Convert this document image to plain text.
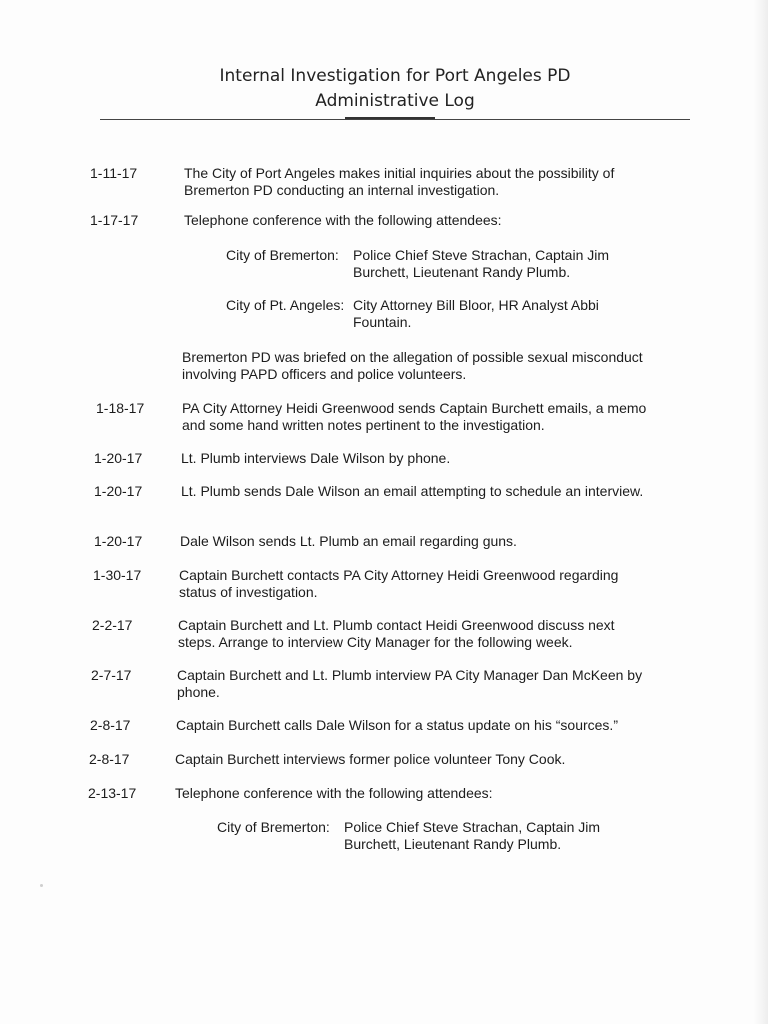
Internal Investigation for Port Angeles PD
Administrative Log
1-11-17	The City of Port Angeles makes initial inquiries about the possibility of Bremerton PD conducting an internal investigation.
1-17-17	Telephone conference with the following attendees:
City of Bremerton: Police Chief Steve Strachan, Captain Jim Burchett, Lieutenant Randy Plumb.
City of Pt. Angeles: City Attorney Bill Bloor, HR Analyst Abbi Fountain.
Bremerton PD was briefed on the allegation of possible sexual misconduct involving PAPD officers and police volunteers.
1-18-17	PA City Attorney Heidi Greenwood sends Captain Burchett emails, a memo and some hand written notes pertinent to the investigation.
1-20-17	Lt. Plumb interviews Dale Wilson by phone.
1-20-17	Lt. Plumb sends Dale Wilson an email attempting to schedule an interview.
1-20-17	Dale Wilson sends Lt. Plumb an email regarding guns.
1-30-17	Captain Burchett contacts PA City Attorney Heidi Greenwood regarding status of investigation.
2-2-17	Captain Burchett and Lt. Plumb contact Heidi Greenwood discuss next steps. Arrange to interview City Manager for the following week.
2-7-17	Captain Burchett and Lt. Plumb interview PA City Manager Dan McKeen by phone.
2-8-17	Captain Burchett calls Dale Wilson for a status update on his “sources.”
2-8-17	Captain Burchett interviews former police volunteer Tony Cook.
2-13-17	Telephone conference with the following attendees:
City of Bremerton: Police Chief Steve Strachan, Captain Jim Burchett, Lieutenant Randy Plumb.
